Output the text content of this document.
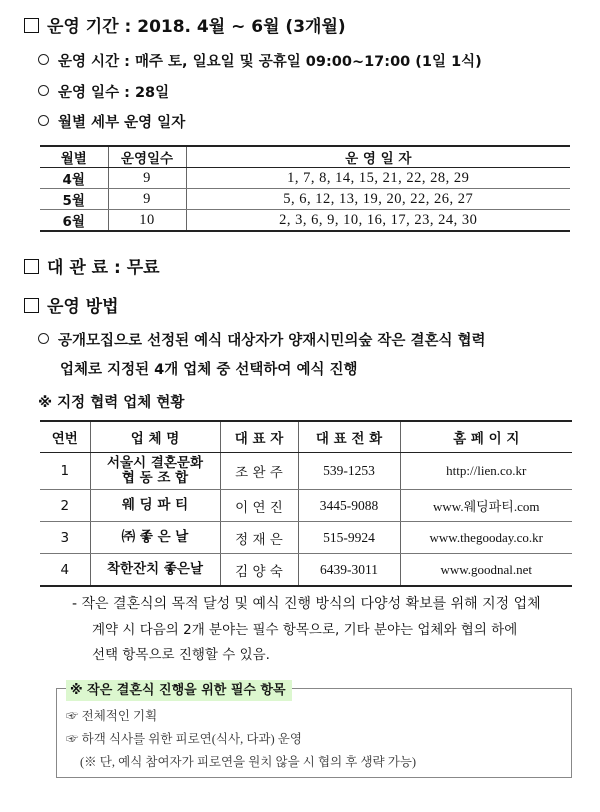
운영 기간 : 2018. 4월 ~ 6월 (3개월)
운영 시간 : 매주 토, 일요일 및 공휴일 09:00~17:00 (1일 1식)
운영 일수 : 28일
월별 세부 운영 일자
월별	운영일수	운 영 일 자
4월	9	1, 7, 8, 14, 15, 21, 22, 28, 29
5월	9	5, 6, 12, 13, 19, 20, 22, 26, 27
6월	10	2, 3, 6, 9, 10, 16, 17, 23, 24, 30
대 관 료 : 무료
운영 방법
공개모집으로 선정된 예식 대상자가 양재시민의숲 작은 결혼식 협력
업체로 지정된 4개 업체 중 선택하여 예식 진행
※ 지정 협력 업체 현황
연번	업 체 명	대 표 자	대 표 전 화	홈 페 이 지
1	서울시 결혼문화
협 동 조 합	조 완 주	539-1253	http://lien.co.kr
2	웨 딩 파 티	이 연 진	3445-9088	www.웨딩파티.com
3	㈜ 좋 은 날	정 재 은	515-9924	www.thegooday.co.kr
4	착한잔치 좋은날	김 양 숙	6439-3011	www.goodnal.net
- 작은 결혼식의 목적 달성 및 예식 진행 방식의 다양성 확보를 위해 지정 업체
계약 시 다음의 2개 분야는 필수 항목으로, 기타 분야는 업체와 협의 하에
선택 항목으로 진행할 수 있음.
※ 작은 결혼식 진행을 위한 필수 항목
☞ 전체적인 기획
☞ 하객 식사를 위한 피로연(식사, 다과) 운영
(※ 단, 예식 참여자가 피로연을 원치 않을 시 협의 후 생략 가능)
